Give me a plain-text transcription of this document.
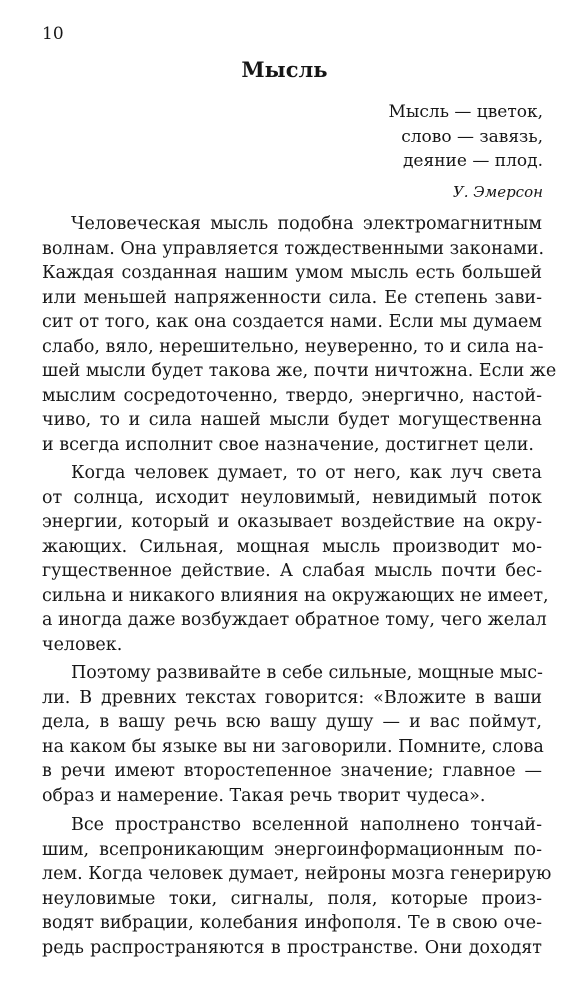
10
Мысль
Мысль — цветок,
слово — завязь,
деяние — плод.
У. Эмерсон
Человеческая мысль подобна электромагнитным
волнам. Она управляется тождественными законами.
Каждая созданная нашим умом мысль есть большей
или меньшей напряженности сила. Ее степень зави-
сит от того, как она создается нами. Если мы думаем
слабо, вяло, нерешительно, неуверенно, то и сила на-
шей мысли будет такова же, почти ничтожна. Если же
мыслим сосредоточенно, твердо, энергично, настой-
чиво, то и сила нашей мысли будет могущественна
и всегда исполнит свое назначение, достигнет цели.
Когда человек думает, то от него, как луч света
от солнца, исходит неуловимый, невидимый поток
энергии, который и оказывает воздействие на окру-
жающих. Сильная, мощная мысль производит мо-
гущественное действие. А слабая мысль почти бес-
сильна и никакого влияния на окружающих не имеет,
а иногда даже возбуждает обратное тому, чего желал
человек.
Поэтому развивайте в себе сильные, мощные мыс-
ли. В древних текстах говорится: «Вложите в ваши
дела, в вашу речь всю вашу душу — и вас поймут,
на каком бы языке вы ни заговорили. Помните, слова
в речи имеют второстепенное значение; главное —
образ и намерение. Такая речь творит чудеса».
Все пространство вселенной наполнено тончай-
шим, всепроникающим энергоинформационным по-
лем. Когда человек думает, нейроны мозга генерирую
неуловимые токи, сигналы, поля, которые произ-
водят вибрации, колебания инфополя. Те в свою оче-
редь распространяются в пространстве. Они доходят
